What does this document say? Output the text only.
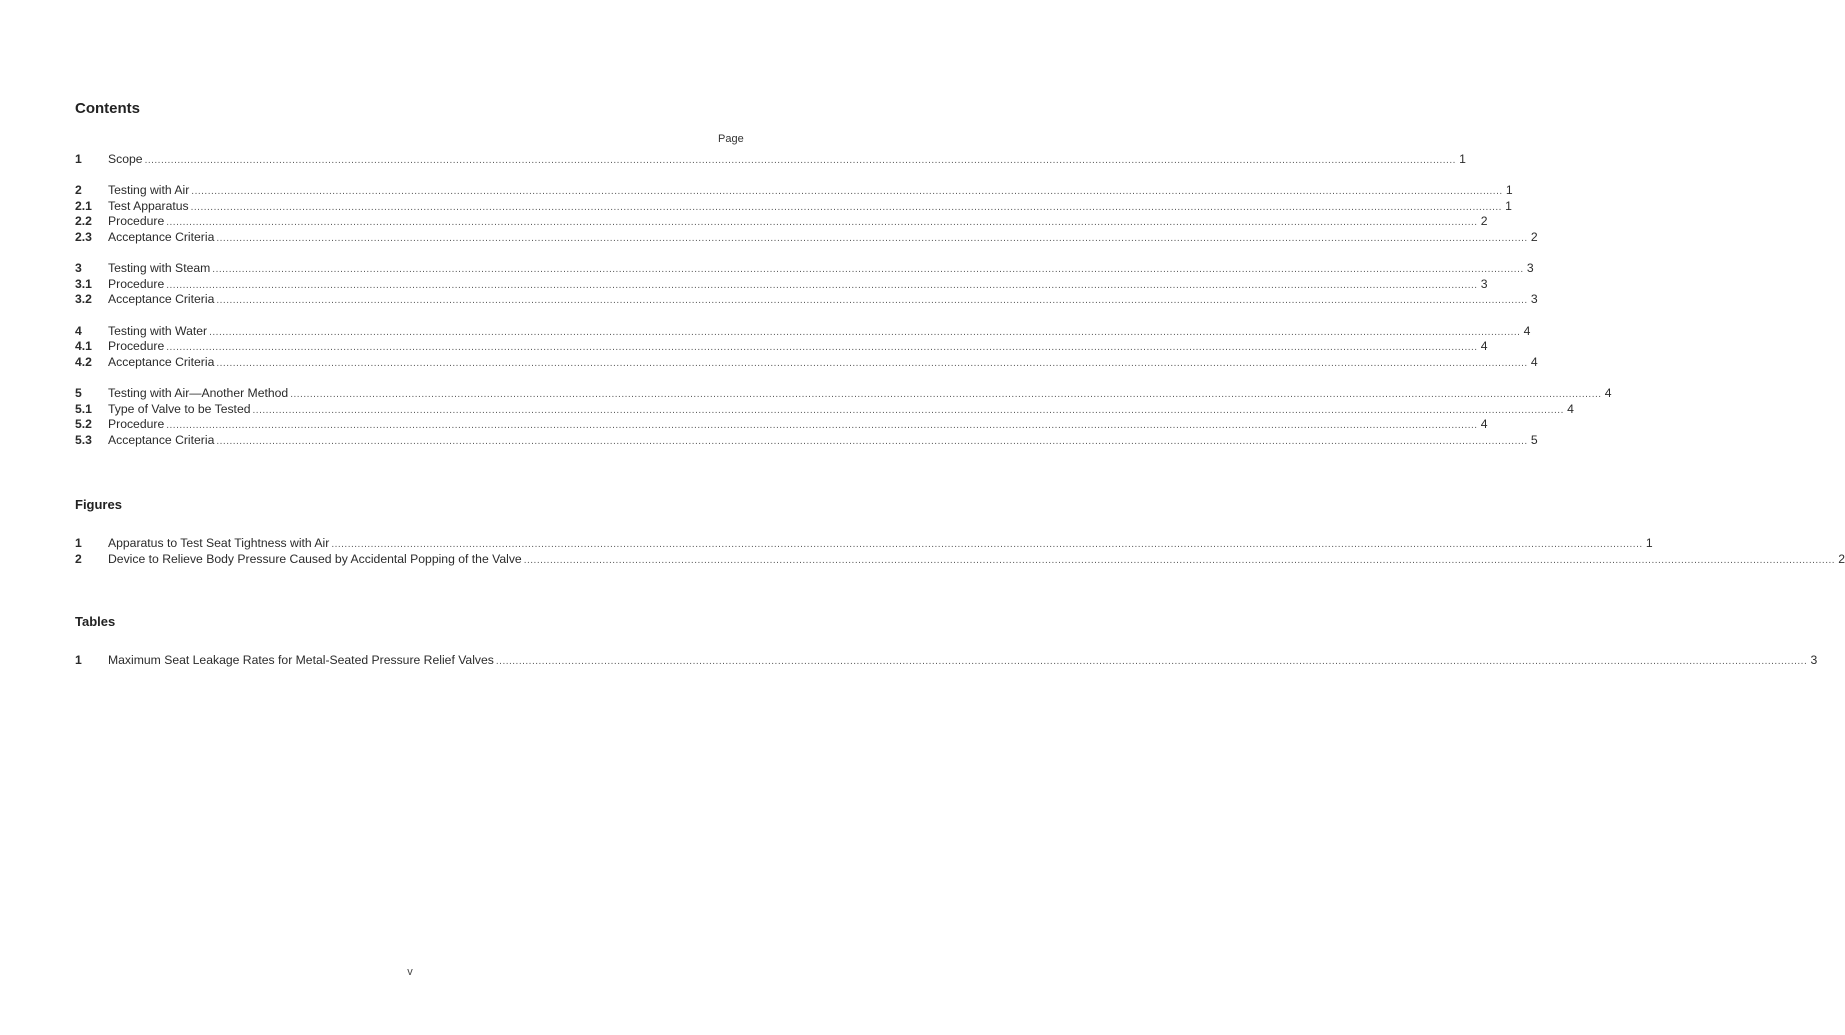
Contents
Page
1	Scope ................................................................................................................................................................................................................................................................................................................................................................................................................ 1
2	Testing with Air ................................................................................................................................................................................................................................................................................................................................................................................................................ 1
2.1	Test Apparatus ................................................................................................................................................................................................................................................................................................................................................................................................................ 1
2.2	Procedure ................................................................................................................................................................................................................................................................................................................................................................................................................ 2
2.3	Acceptance Criteria ................................................................................................................................................................................................................................................................................................................................................................................................................ 2
3	Testing with Steam ................................................................................................................................................................................................................................................................................................................................................................................................................ 3
3.1	Procedure ................................................................................................................................................................................................................................................................................................................................................................................................................ 3
3.2	Acceptance Criteria ................................................................................................................................................................................................................................................................................................................................................................................................................ 3
4	Testing with Water ................................................................................................................................................................................................................................................................................................................................................................................................................ 4
4.1	Procedure ................................................................................................................................................................................................................................................................................................................................................................................................................ 4
4.2	Acceptance Criteria ................................................................................................................................................................................................................................................................................................................................................................................................................ 4
5	Testing with Air—Another Method ................................................................................................................................................................................................................................................................................................................................................................................................................ 4
5.1	Type of Valve to be Tested ................................................................................................................................................................................................................................................................................................................................................................................................................ 4
5.2	Procedure ................................................................................................................................................................................................................................................................................................................................................................................................................ 4
5.3	Acceptance Criteria ................................................................................................................................................................................................................................................................................................................................................................................................................ 5
Figures
1	Apparatus to Test Seat Tightness with Air ................................................................................................................................................................................................................................................................................................................................................................................................................ 1
2	Device to Relieve Body Pressure Caused by Accidental Popping of the Valve ................................................................................................................................................................................................................................................................................................................................................................................................................ 2
Tables
1	Maximum Seat Leakage Rates for Metal-Seated Pressure Relief Valves ................................................................................................................................................................................................................................................................................................................................................................................................................ 3
v
